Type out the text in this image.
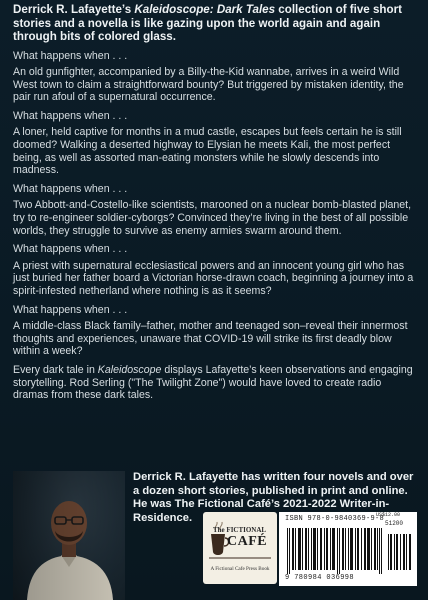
Derrick R. Lafayette’s Kaleidoscope: Dark Tales collection of five short stories and a novella is like gazing upon the world again and again through bits of colored glass.

What happens when . . .

An old gunfighter, accompanied by a Billy-the-Kid wannabe, arrives in a weird Wild West town to claim a straightforward bounty? But triggered by mistaken identity, the pair run afoul of a supernatural occurrence.

What happens when . . .

A loner, held captive for months in a mud castle, escapes but feels certain he is still doomed? Walking a deserted highway to Elysian he meets Kali, the most perfect being, as well as assorted man-eating monsters while he slowly descends into madness.

What happens when . . .

Two Abbott-and-Costello-like scientists, marooned on a nuclear bomb-blasted planet, try to re-engineer soldier-cyborgs? Convinced they’re living in the best of all possible worlds, they struggle to survive as enemy armies swarm around them.

What happens when . . .

A priest with supernatural ecclesiastical powers and an innocent young girl who has just buried her father board a Victorian horse-drawn coach, beginning a journey into a spirit-infested netherland where nothing is as it seems?

What happens when . . .

A middle-class Black family–father, mother and teenaged son–reveal their innermost thoughts and experiences, unaware that COVID-19 will strike its first deadly blow within a week?

Every dark tale in Kaleidoscope displays Lafayette’s keen observations and engaging storytelling. Rod Serling ("The Twilight Zone") would have loved to create radio dramas from these dark tales.

Derrick R. Lafayette has written four novels and over a dozen short stories, published in print and online. He was The Fictional Café’s 2021-2022 Writer-in-Residence.
The FICTIONAL
CAFÉ
A Fictional Cafe Press Book
ISBN 978-0-9840369-9-8
US$12.00
51200
9 780984 036998
